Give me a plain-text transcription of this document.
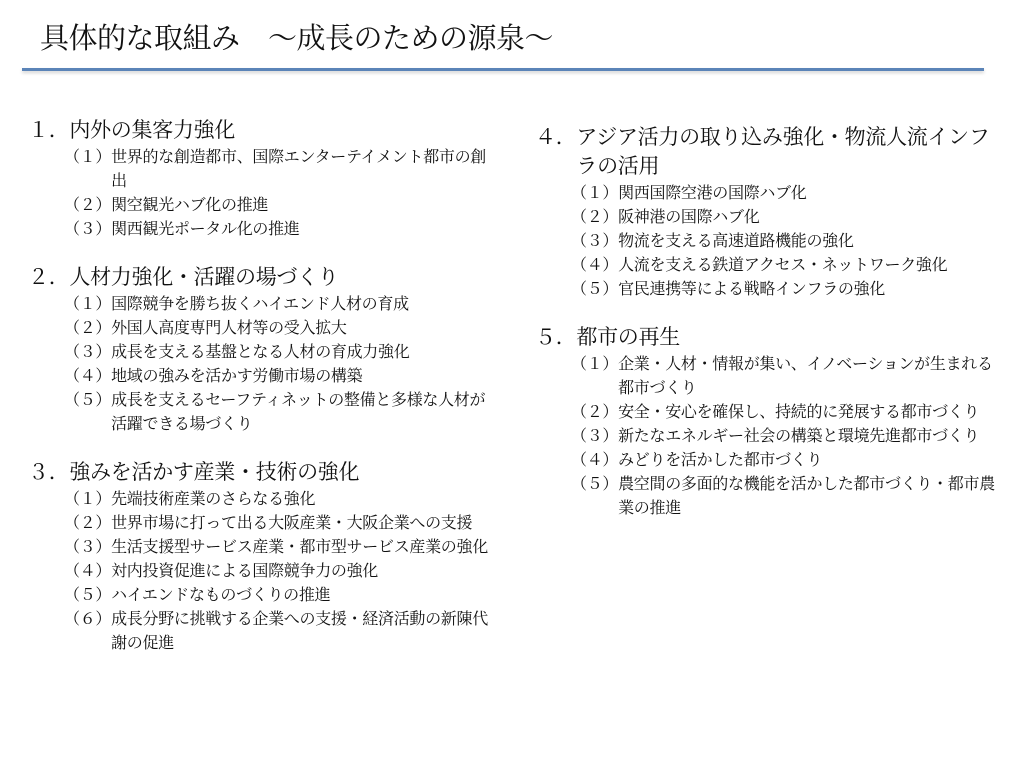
具体的な取組み　～成長のための源泉～
１． 内外の集客力強化
（１） 世界的な創造都市、国際エンターテイメント都市の創出
（２） 関空観光ハブ化の推進
（３） 関西観光ポータル化の推進
２． 人材力強化・活躍の場づくり
（１） 国際競争を勝ち抜くハイエンド人材の育成
（２） 外国人高度専門人材等の受入拡大
（３） 成長を支える基盤となる人材の育成力強化
（４） 地域の強みを活かす労働市場の構築
（５） 成長を支えるセーフティネットの整備と多様な人材が活躍できる場づくり
３． 強みを活かす産業・技術の強化
（１） 先端技術産業のさらなる強化
（２） 世界市場に打って出る大阪産業・大阪企業への支援
（３） 生活支援型サービス産業・都市型サービス産業の強化
（４） 対内投資促進による国際競争力の強化
（５） ハイエンドなものづくりの推進
（６） 成長分野に挑戦する企業への支援・経済活動の新陳代謝の促進
４． アジア活力の取り込み強化・物流人流インフラの活用
（１） 関西国際空港の国際ハブ化
（２） 阪神港の国際ハブ化
（３） 物流を支える高速道路機能の強化
（４） 人流を支える鉄道アクセス・ネットワーク強化
（５） 官民連携等による戦略インフラの強化
５． 都市の再生
（１） 企業・人材・情報が集い、イノベーションが生まれる都市づくり
（２） 安全・安心を確保し、持続的に発展する都市づくり
（３） 新たなエネルギー社会の構築と環境先進都市づくり
（４） みどりを活かした都市づくり
（５） 農空間の多面的な機能を活かした都市づくり・都市農業の推進
